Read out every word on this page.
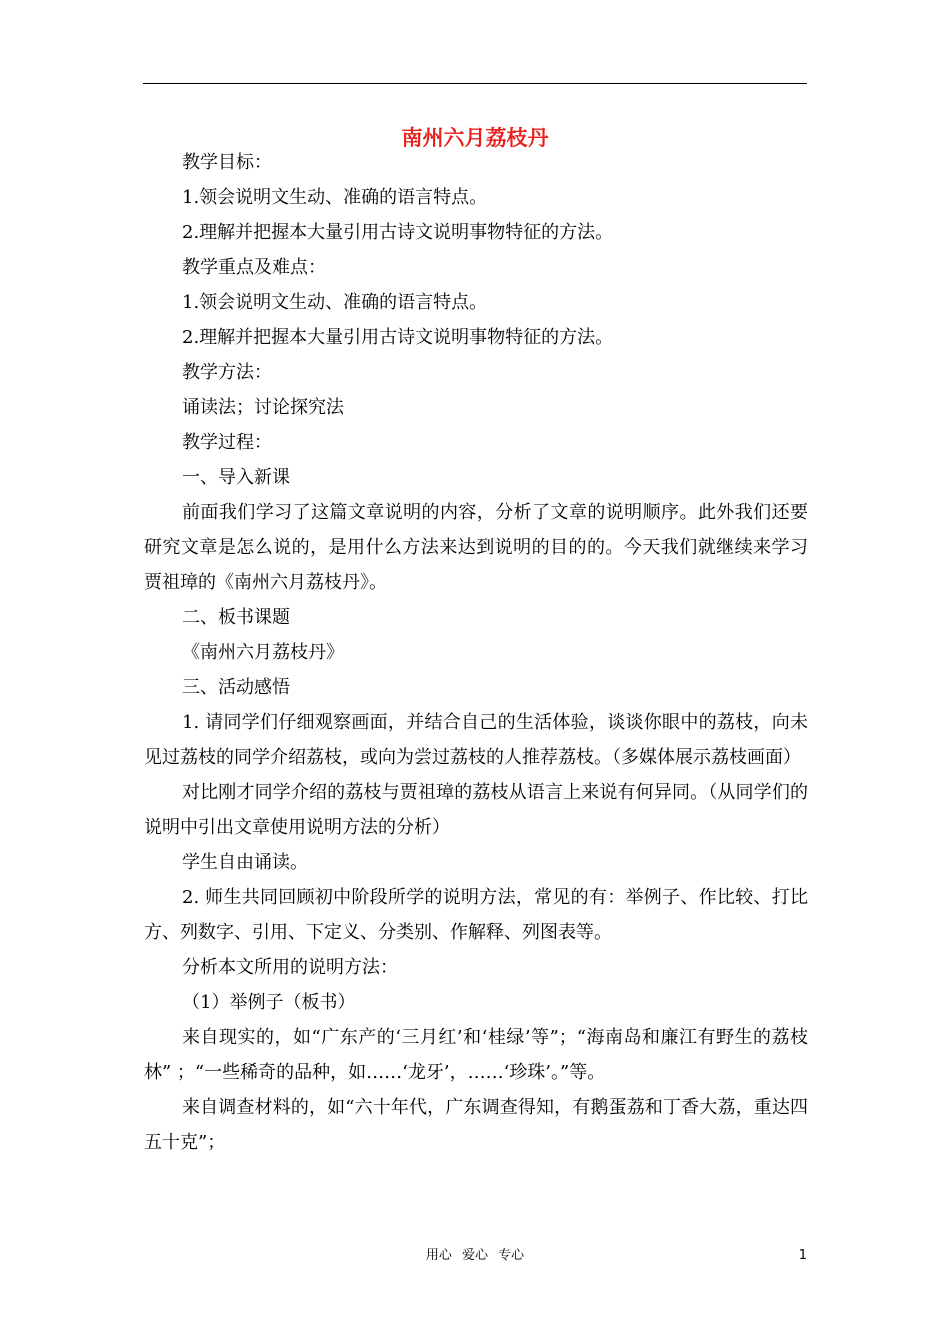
南州六月荔枝丹

教学目标：

1.领会说明文生动、准确的语言特点。

2.理解并把握本大量引用古诗文说明事物特征的方法。

教学重点及难点：

1.领会说明文生动、准确的语言特点。

2.理解并把握本大量引用古诗文说明事物特征的方法。

教学方法：

诵读法；讨论探究法

教学过程：

一、导入新课

前面我们学习了这篇文章说明的内容，分析了文章的说明顺序。此外我们还要研究文章是怎么说的，是用什么方法来达到说明的目的的。今天我们就继续来学习贾祖璋的《南州六月荔枝丹》。

二、板书课题

《南州六月荔枝丹》

三、活动感悟

1. 请同学们仔细观察画面，并结合自己的生活体验，谈谈你眼中的荔枝，向未见过荔枝的同学介绍荔枝，或向为尝过荔枝的人推荐荔枝。（多媒体展示荔枝画面）

对比刚才同学介绍的荔枝与贾祖璋的荔枝从语言上来说有何异同。（从同学们的说明中引出文章使用说明方法的分析）

学生自由诵读。

2. 师生共同回顾初中阶段所学的说明方法，常见的有：举例子、作比较、打比方、列数字、引用、下定义、分类别、作解释、列图表等。

分析本文所用的说明方法：

（1）举例子（板书）

来自现实的，如“广东产的‘三月红’和‘桂绿’等”；“海南岛和廉江有野生的荔枝林” ；“一些稀奇的品种，如……‘龙牙’，……‘珍珠’。”等。

来自调查材料的，如“六十年代，广东调查得知，有鹅蛋荔和丁香大荔，重达四五十克”；

用心 爱心 专心	1
